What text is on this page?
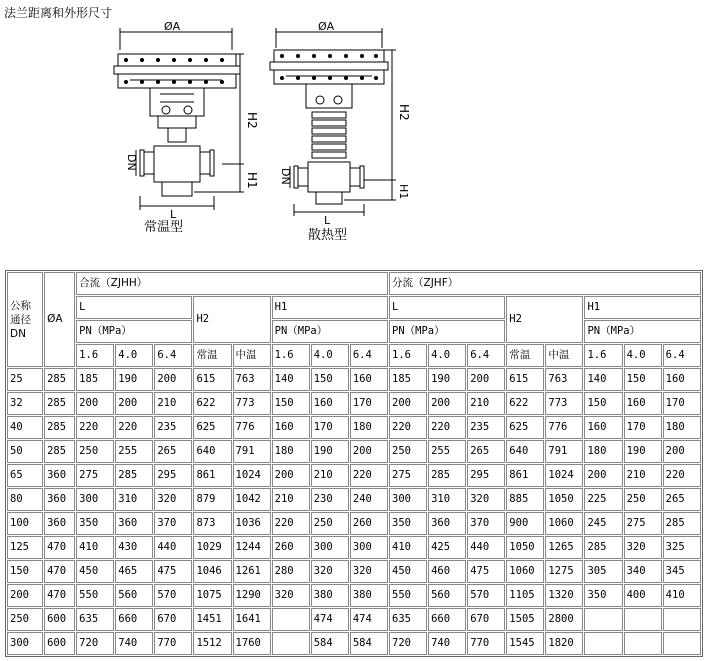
法兰距离和外形尺寸
ØA
H2
H1
DN
L
常温型
ØA
H2
H1
DN
L
散热型
公称
通径
DN	ØA	合流（ZJHH）								分流（ZJHF）							
		L			H2		H1			L			H2		H1		
		PN（MPa）					PN（MPa）			PN（MPa）					PN（MPa）		
		1.6	4.0	6.4	常温	中温	1.6	4.0	6.4	1.6	4.0	6.4	常温	中温	1.6	4.0	6.4
25	285	185	190	200	615	763	140	150	160	185	190	200	615	763	140	150	160
32	285	200	200	210	622	773	150	160	170	200	200	210	622	773	150	160	170
40	285	220	220	235	625	776	160	170	180	220	220	235	625	776	160	170	180
50	285	250	255	265	640	791	180	190	200	250	255	265	640	791	180	190	200
65	360	275	285	295	861	1024	200	210	220	275	285	295	861	1024	200	210	220
80	360	300	310	320	879	1042	210	230	240	300	310	320	885	1050	225	250	265
100	360	350	360	370	873	1036	220	250	260	350	360	370	900	1060	245	275	285
125	470	410	430	440	1029	1244	260	300	300	410	425	440	1050	1265	285	320	325
150	470	450	465	475	1046	1261	280	320	320	450	460	475	1060	1275	305	340	345
200	470	550	560	570	1075	1290	320	380	380	550	560	570	1105	1320	350	400	410
250	600	635	660	670	1451	1641		474	474	635	660	670	1505	2800			
300	600	720	740	770	1512	1760		584	584	720	740	770	1545	1820			
